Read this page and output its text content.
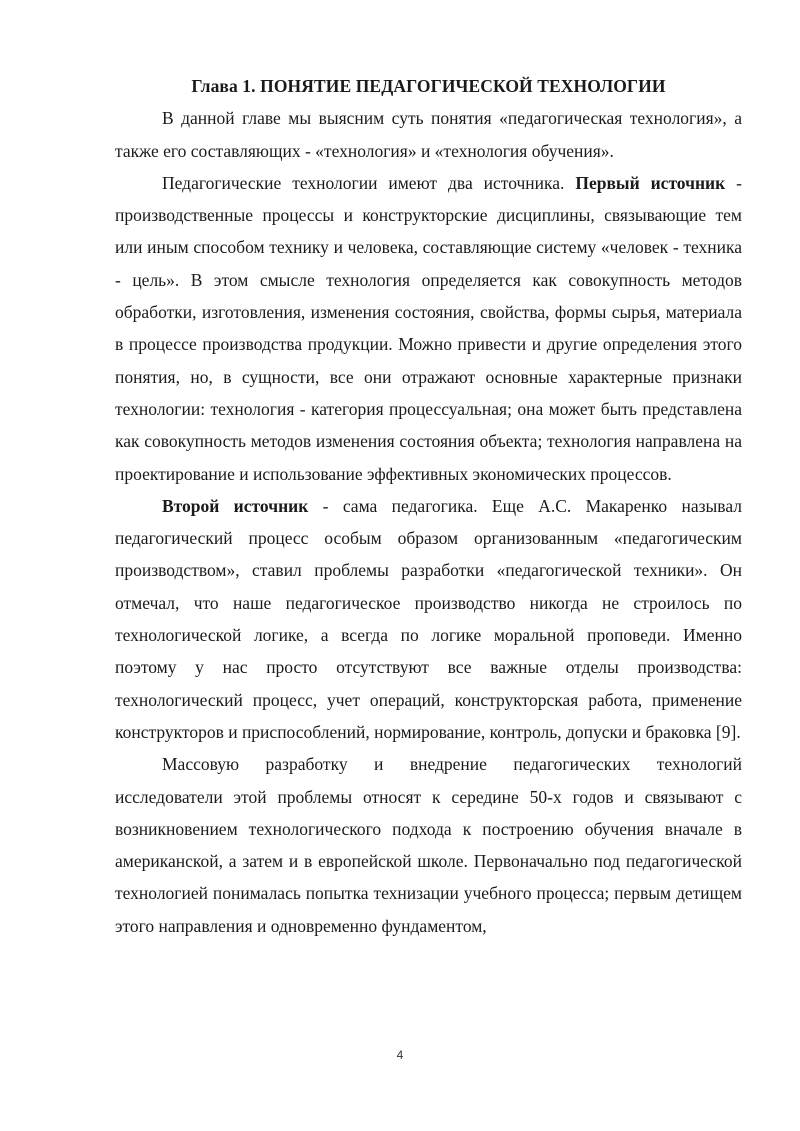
Глава 1. ПОНЯТИЕ ПЕДАГОГИЧЕСКОЙ ТЕХНОЛОГИИ

В данной главе мы выясним суть понятия «педагогическая технология», а также его составляющих - «технология» и «технология обучения».

Педагогические технологии имеют два источника. Первый источник - производственные процессы и конструкторские дисциплины, связывающие тем или иным способом технику и человека, составляющие систему «человек - техника - цель». В этом смысле технология определяется как совокупность методов обработки, изготовления, изменения состояния, свойства, формы сырья, материала в процессе производства продукции. Можно привести и другие определения этого понятия, но, в сущности, все они отражают основные характерные признаки технологии: технология - категория процессуальная; она может быть представлена как совокупность методов изменения состояния объекта; технология направлена на проектирование и использование эффективных экономических процессов.

Второй источник - сама педагогика. Еще А.С. Макаренко называл педагогический процесс особым образом организованным «педагогическим производством», ставил проблемы разработки «педагогической техники». Он отмечал, что наше педагогическое производство никогда не строилось по технологической логике, а всегда по логике моральной проповеди. Именно поэтому у нас просто отсутствуют все важные отделы производства: технологический процесс, учет операций, конструкторская работа, применение конструкторов и приспособлений, нормирование, контроль, допуски и браковка [9].

Массовую разработку и внедрение педагогических технологий исследователи этой проблемы относят к середине 50-х годов и связывают с возникновением технологического подхода к построению обучения вначале в американской, а затем и в европейской школе. Первоначально под педагогической технологией понималась попытка технизации учебного процесса; первым детищем этого направления и одновременно фундаментом,

4
